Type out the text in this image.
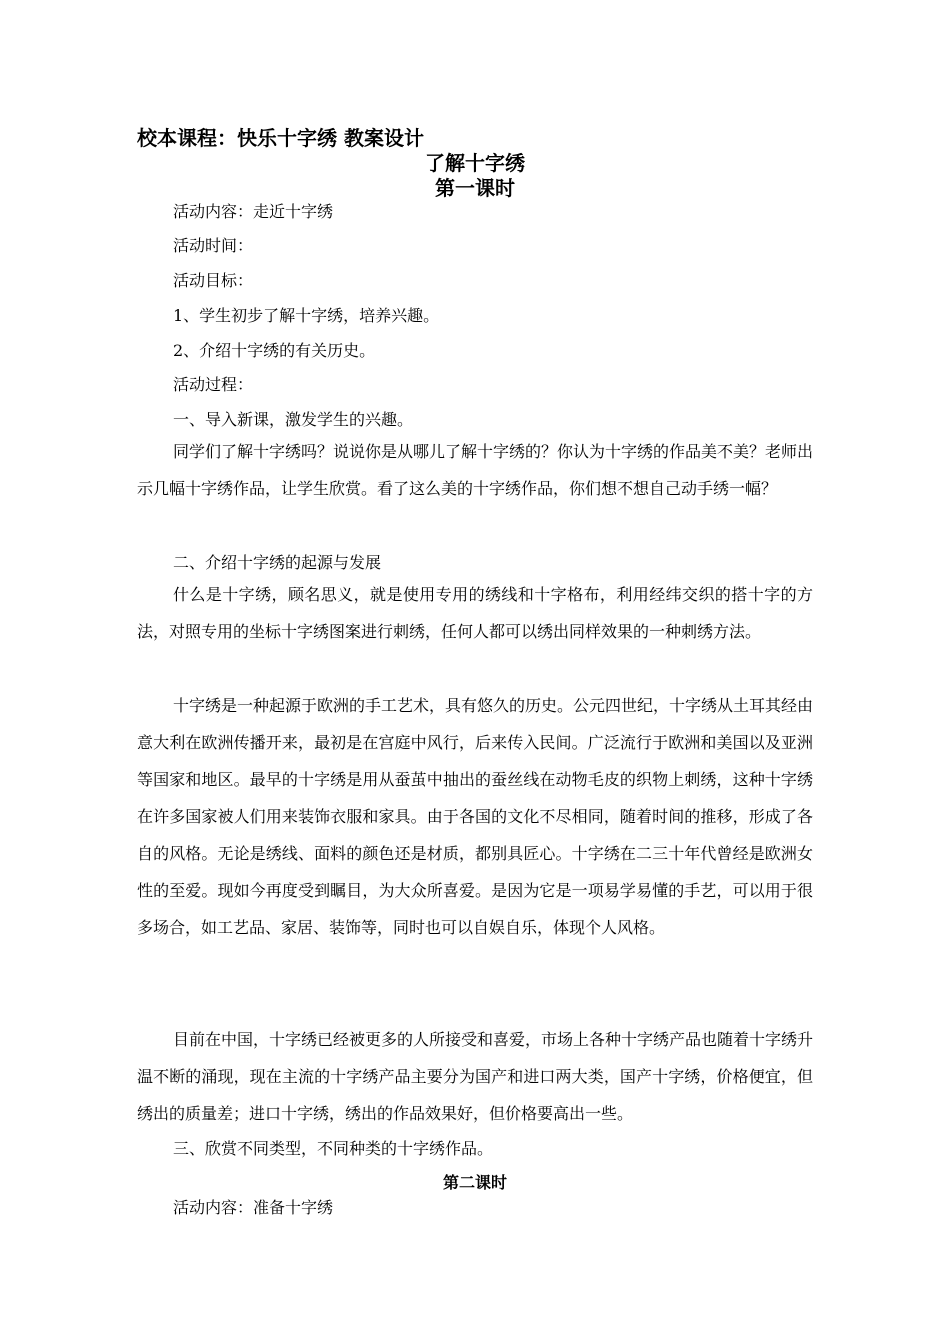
校本课程：快乐十字绣 教案设计
了解十字绣
第一课时
活动内容：走近十字绣
活动时间：
活动目标：
1、学生初步了解十字绣，培养兴趣。
2、介绍十字绣的有关历史。
活动过程：
一、导入新课，激发学生的兴趣。

同学们了解十字绣吗？说说你是从哪儿了解十字绣的？你认为十字绣的作品美不美？老师出示几幅十字绣作品，让学生欣赏。看了这么美的十字绣作品，你们想不想自己动手绣一幅？

二、介绍十字绣的起源与发展

什么是十字绣，顾名思义，就是使用专用的绣线和十字格布，利用经纬交织的搭十字的方法，对照专用的坐标十字绣图案进行刺绣，任何人都可以绣出同样效果的一种刺绣方法。

十字绣是一种起源于欧洲的手工艺术，具有悠久的历史。公元四世纪，十字绣从土耳其经由意大利在欧洲传播开来，最初是在宫庭中风行，后来传入民间。广泛流行于欧洲和美国以及亚洲等国家和地区。最早的十字绣是用从蚕茧中抽出的蚕丝线在动物毛皮的织物上刺绣，这种十字绣在许多国家被人们用来装饰衣服和家具。由于各国的文化不尽相同，随着时间的推移，形成了各自的风格。无论是绣线、面料的颜色还是材质，都别具匠心。十字绣在二三十年代曾经是欧洲女性的至爱。现如今再度受到瞩目，为大众所喜爱。是因为它是一项易学易懂的手艺，可以用于很多场合，如工艺品、家居、装饰等，同时也可以自娱自乐，体现个人风格。

目前在中国，十字绣已经被更多的人所接受和喜爱，市场上各种十字绣产品也随着十字绣升温不断的涌现，现在主流的十字绣产品主要分为国产和进口两大类，国产十字绣，价格便宜，但绣出的质量差；进口十字绣，绣出的作品效果好，但价格要高出一些。

三、欣赏不同类型，不同种类的十字绣作品。
第二课时
活动内容：准备十字绣
